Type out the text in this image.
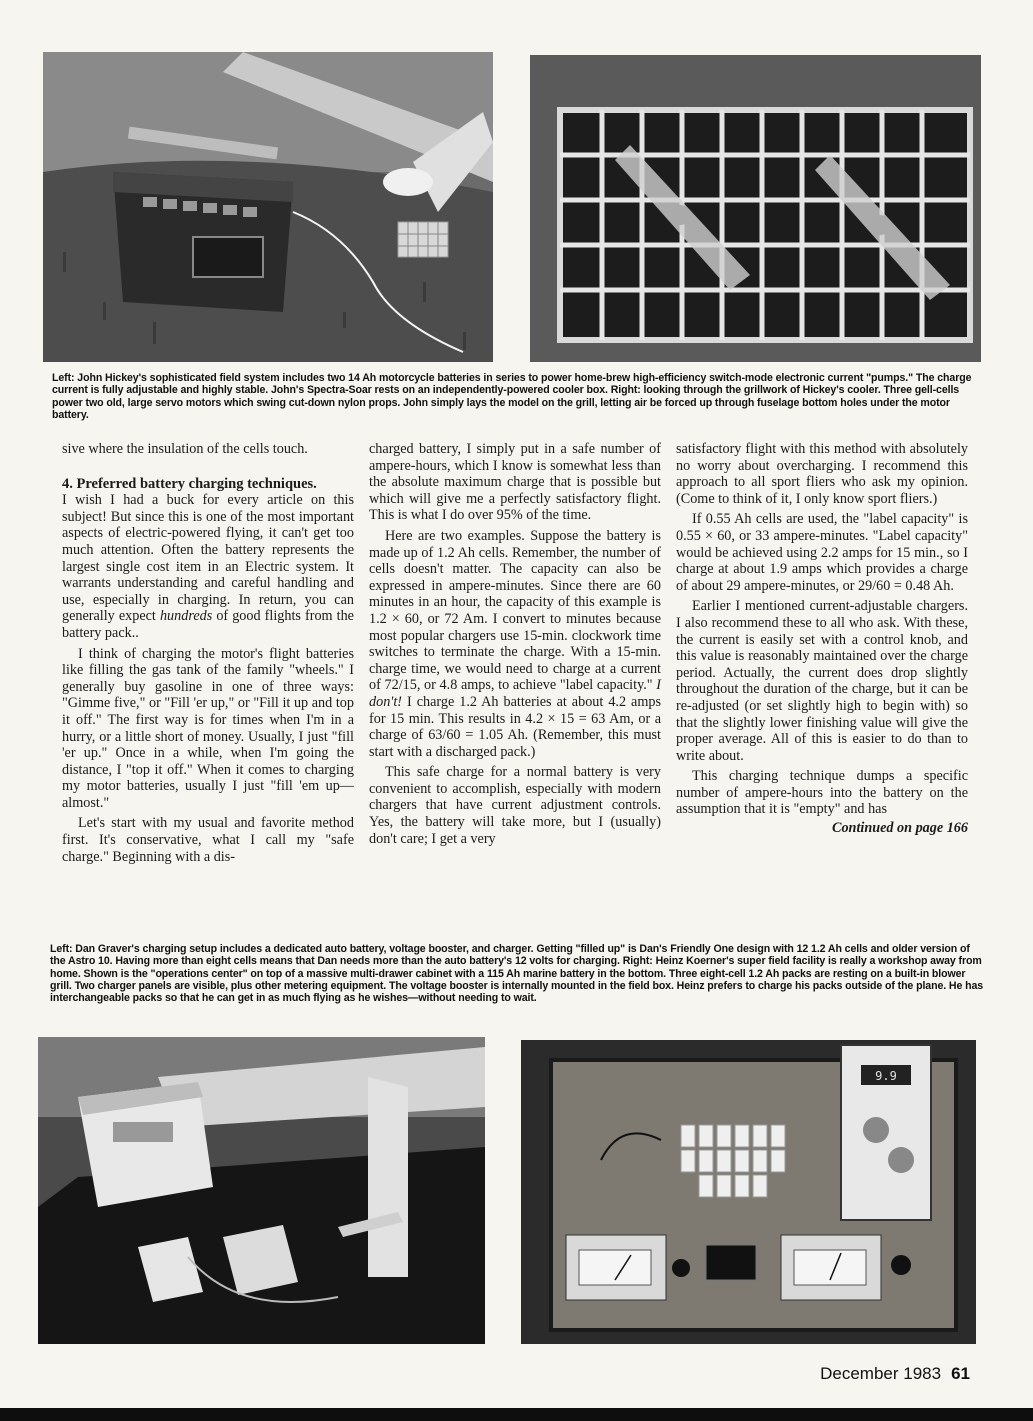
Left: John Hickey's sophisticated field system includes two 14 Ah motorcycle batteries in series to power home-brew high-efficiency switch-mode electronic current "pumps." The charge current is fully adjustable and highly stable. John's Spectra-Soar rests on an independently-powered cooler box. Right: looking through the grillwork of Hickey's cooler. Three gell-cells power two old, large servo motors which swing cut-down nylon props. John simply lays the model on the grill, letting air be forced up through fuselage bottom holes under the motor battery.

sive where the insulation of the cells touch.

4. Preferred battery charging techniques.

I wish I had a buck for every article on this subject! But since this is one of the most important aspects of electric-powered flying, it can't get too much attention. Often the battery represents the largest single cost item in an Electric system. It warrants understanding and careful handling and use, especially in charging. In return, you can generally expect hundreds of good flights from the battery pack..

I think of charging the motor's flight batteries like filling the gas tank of the family "wheels." I generally buy gasoline in one of three ways: "Gimme five," or "Fill 'er up," or "Fill it up and top it off." The first way is for times when I'm in a hurry, or a little short of money. Usually, I just "fill 'er up." Once in a while, when I'm going the distance, I "top it off." When it comes to charging my motor batteries, usually I just "fill 'em up—almost."

Let's start with my usual and favorite method first. It's conservative, what I call my "safe charge." Beginning with a dis-

charged battery, I simply put in a safe number of ampere-hours, which I know is somewhat less than the absolute maximum charge that is possible but which will give me a perfectly satisfactory flight. This is what I do over 95% of the time.

Here are two examples. Suppose the battery is made up of 1.2 Ah cells. Remember, the number of cells doesn't matter. The capacity can also be expressed in ampere-minutes. Since there are 60 minutes in an hour, the capacity of this example is 1.2 × 60, or 72 Am. I convert to minutes because most popular chargers use 15-min. clockwork time switches to terminate the charge. With a 15-min. charge time, we would need to charge at a current of 72/15, or 4.8 amps, to achieve "label capacity." I don't! I charge 1.2 Ah batteries at about 4.2 amps for 15 min. This results in 4.2 × 15 = 63 Am, or a charge of 63/60 = 1.05 Ah. (Remember, this must start with a discharged pack.)

This safe charge for a normal battery is very convenient to accomplish, especially with modern chargers that have current adjustment controls. Yes, the battery will take more, but I (usually) don't care; I get a very

satisfactory flight with this method with absolutely no worry about overcharging. I recommend this approach to all sport fliers who ask my opinion. (Come to think of it, I only know sport fliers.)

If 0.55 Ah cells are used, the "label capacity" is 0.55 × 60, or 33 ampere-minutes. "Label capacity" would be achieved using 2.2 amps for 15 min., so I charge at about 1.9 amps which provides a charge of about 29 ampere-minutes, or 29/60 = 0.48 Ah.

Earlier I mentioned current-adjustable chargers. I also recommend these to all who ask. With these, the current is easily set with a control knob, and this value is reasonably maintained over the charge period. Actually, the current does drop slightly throughout the duration of the charge, but it can be re-adjusted (or set slightly high to begin with) so that the slightly lower finishing value will give the proper average. All of this is easier to do than to write about.

This charging technique dumps a specific number of ampere-hours into the battery on the assumption that it is "empty" and has

Continued on page 166
Left: Dan Graver's charging setup includes a dedicated auto battery, voltage booster, and charger. Getting "filled up" is Dan's Friendly One design with 12 1.2 Ah cells and older version of the Astro 10. Having more than eight cells means that Dan needs more than the auto battery's 12 volts for charging. Right: Heinz Koerner's super field facility is really a workshop away from home. Shown is the "operations center" on top of a massive multi-drawer cabinet with a 115 Ah marine battery in the bottom. Three eight-cell 1.2 Ah packs are resting on a built-in blower grill. Two charger panels are visible, plus other metering equipment. The voltage booster is internally mounted in the field box. Heinz prefers to charge his packs outside of the plane. He has interchangeable packs so that he can get in as much flying as he wishes—without needing to wait.
9.9
December 1983 61
